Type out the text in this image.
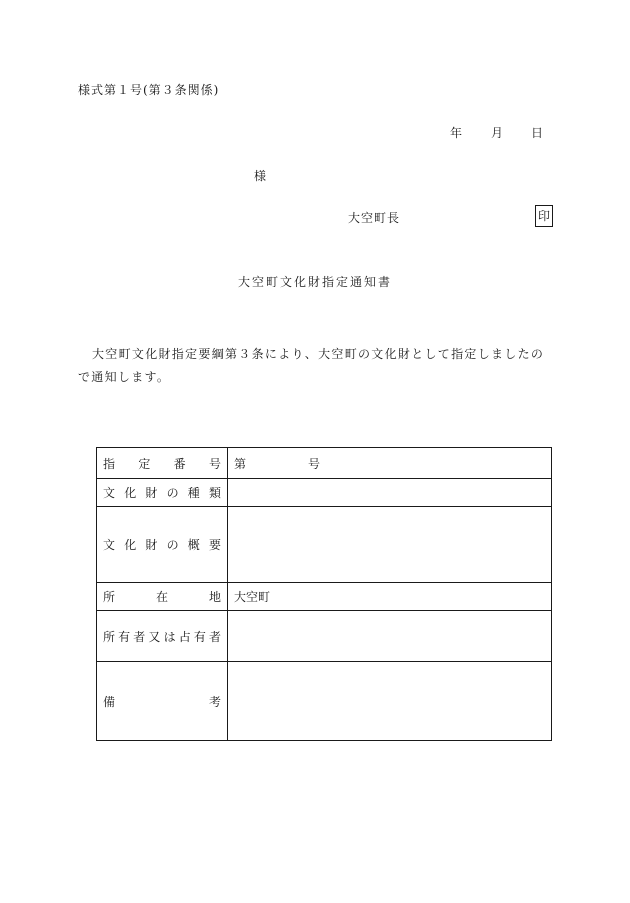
様式第１号(第３条関係)
年 月 日
様
大空町長	印
大空町文化財指定通知書
大空町文化財指定要綱第３条により、大空町の文化財として指定しましたので通知します。
指定番号	第 号

文化財の種類	
文化財の概要	
所在地	大空町
所有者又は占有者	
備考	
